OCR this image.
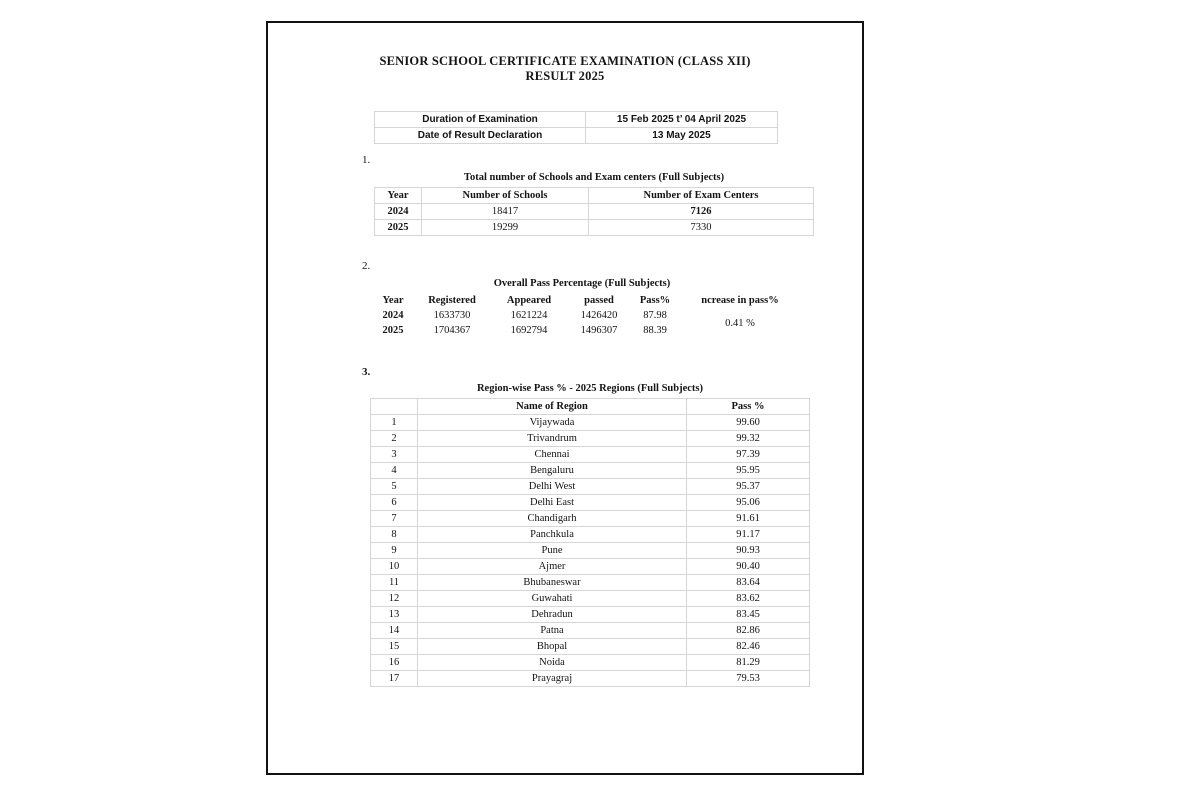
SENIOR SCHOOL CERTIFICATE EXAMINATION (CLASS XII)
RESULT 2025
Duration of Examination	15 Feb 2025 t’ 04 April 2025
Date of Result Declaration	13 May 2025
1.
Total number of Schools and Exam centers (Full Subjects)
Year	Number of Schools	Number of Exam Centers
2024	18417	7126
2025	19299	7330
2.
Overall Pass Percentage (Full Subjects)
Year	Registered	Appeared	passed	Pass%	ncrease in pass%
2024	1633730	1621224	1426420	87.98	0.41 %
2025	1704367	1692794	1496307	88.39	
3.
Region-wise Pass % - 2025 Regions (Full Subjects)
	Name of Region	Pass %
1	Vijaywada	99.60
2	Trivandrum	99.32
3	Chennai	97.39
4	Bengaluru	95.95
5	Delhi West	95.37
6	Delhi East	95.06
7	Chandigarh	91.61
8	Panchkula	91.17
9	Pune	90.93
10	Ajmer	90.40
11	Bhubaneswar	83.64
12	Guwahati	83.62
13	Dehradun	83.45
14	Patna	82.86
15	Bhopal	82.46
16	Noida	81.29
17	Prayagraj	79.53
